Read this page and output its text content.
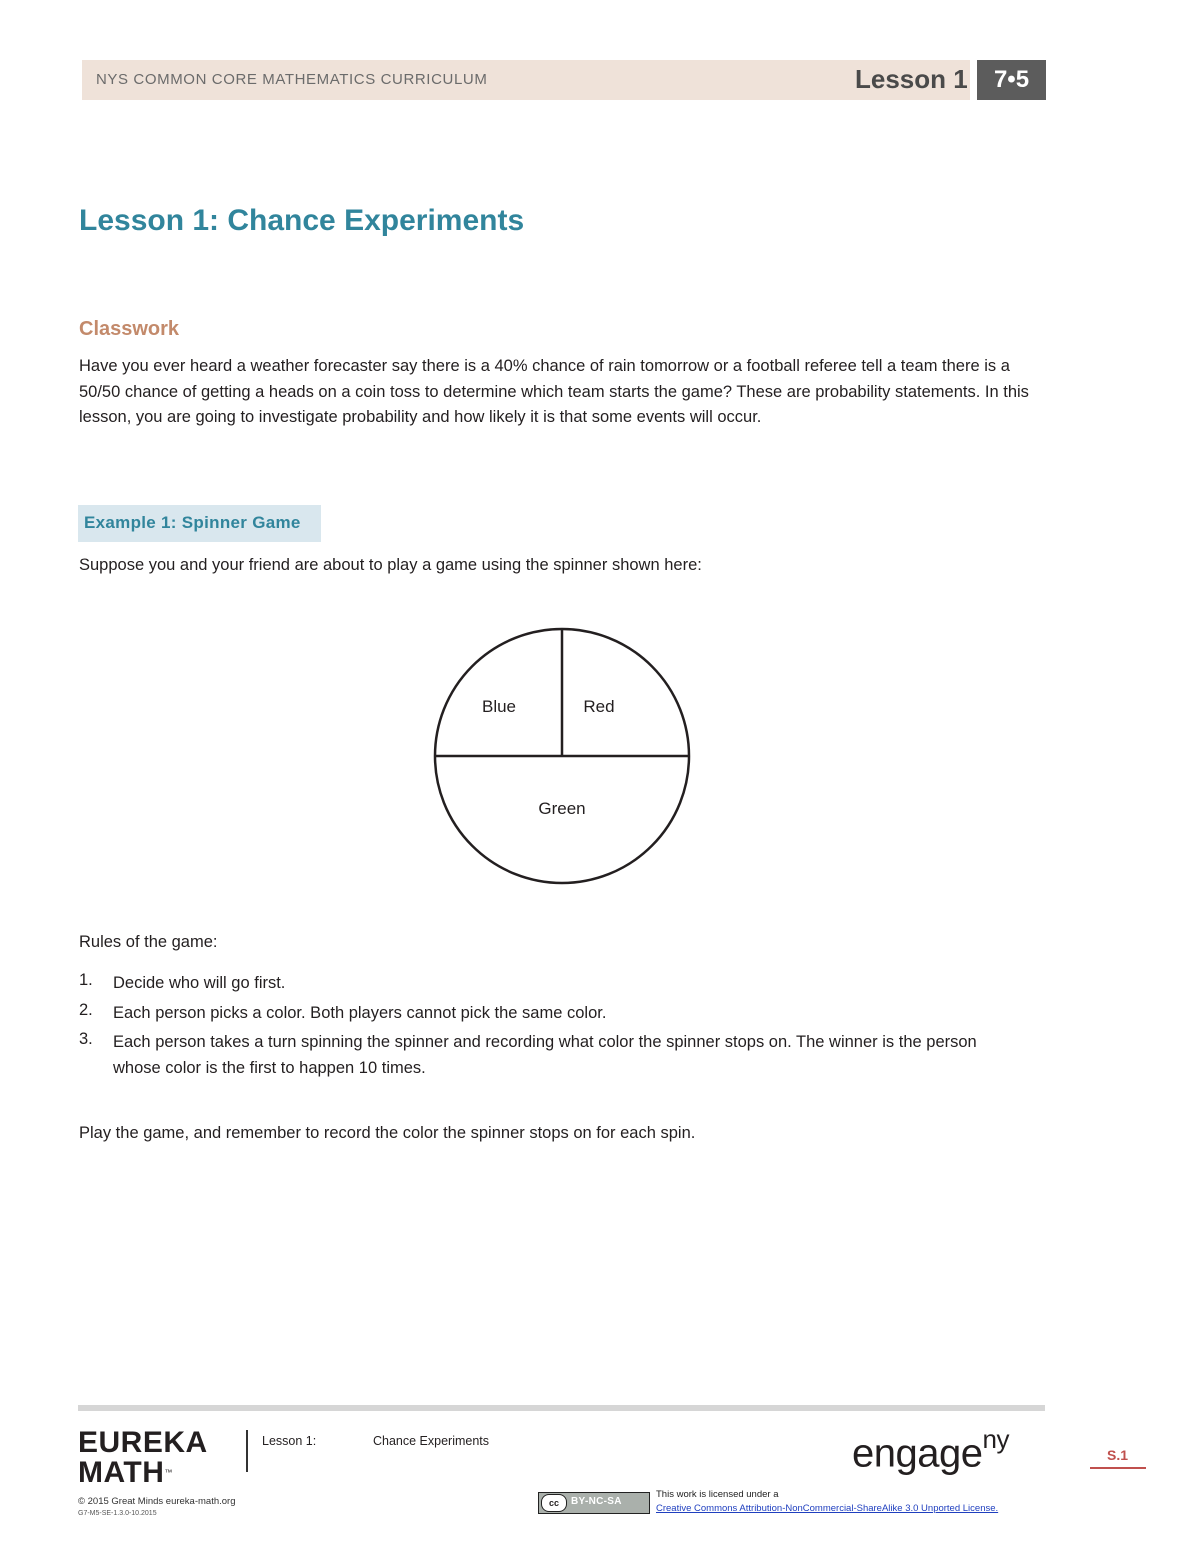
NYS COMMON CORE MATHEMATICS CURRICULUM	Lesson 1	7•5
Lesson 1: Chance Experiments
Classwork
Have you ever heard a weather forecaster say there is a 40% chance of rain tomorrow or a football referee tell a team there is a 50/50 chance of getting a heads on a coin toss to determine which team starts the game? These are probability statements. In this lesson, you are going to investigate probability and how likely it is that some events will occur.
Example 1: Spinner Game
Suppose you and your friend are about to play a game using the spinner shown here:
Blue	Red
Green
Rules of the game:
1. Decide who will go first.
2. Each person picks a color. Both players cannot pick the same color.
3. Each person takes a turn spinning the spinner and recording what color the spinner stops on. The winner is the person whose color is the first to happen 10 times.
Play the game, and remember to record the color the spinner stops on for each spin.
EUREKA
MATH™
Lesson 1:	Chance Experiments
© 2015 Great Minds eureka-math.org
G7-M5-SE-1.3.0-10.2015
engage$^{ny}$
S.1
cc	BY-NC-SA
This work is licensed under a
Creative Commons Attribution-NonCommercial-ShareAlike 3.0 Unported License.
